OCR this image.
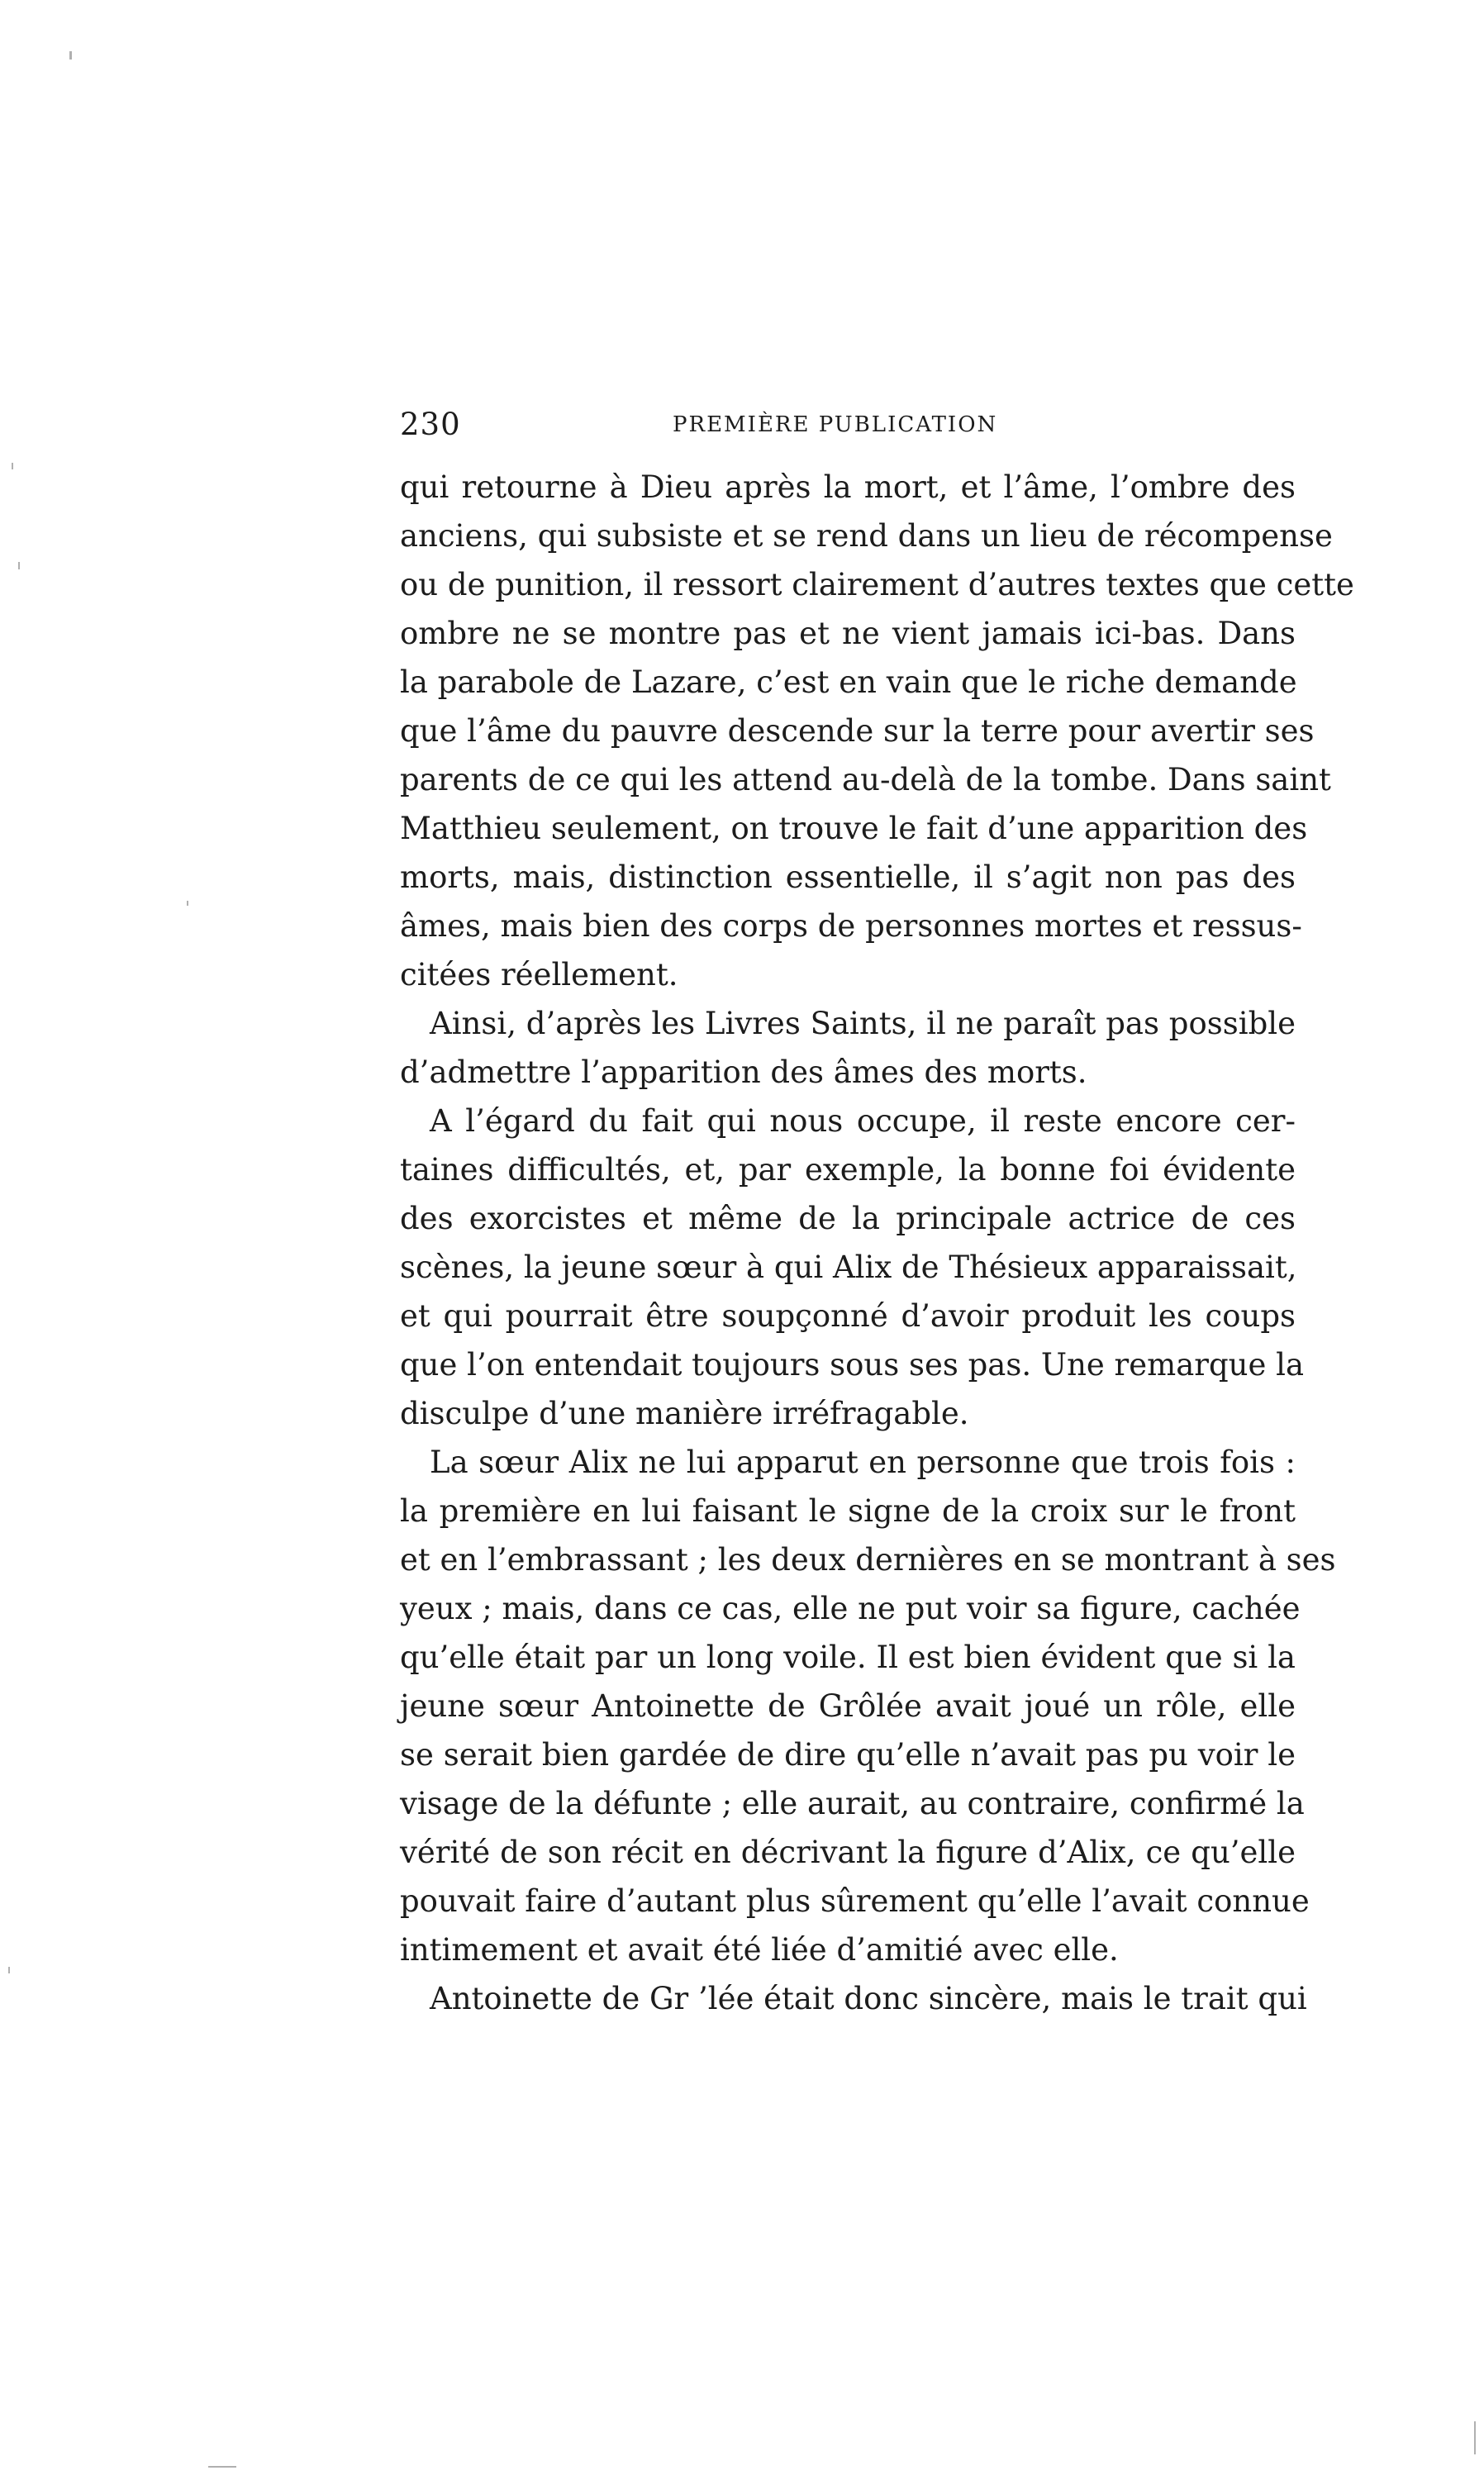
230	PREMIÈRE PUBLICATION
qui retourne à Dieu après la mort, et l’âme, l’ombre des
anciens, qui subsiste et se rend dans un lieu de récompense
ou de punition, il ressort clairement d’autres textes que cette
ombre ne se montre pas et ne vient jamais ici-bas. Dans
la parabole de Lazare, c’est en vain que le riche demande
que l’âme du pauvre descende sur la terre pour avertir ses
parents de ce qui les attend au-delà de la tombe. Dans saint
Matthieu seulement, on trouve le fait d’une apparition des
morts, mais, distinction essentielle, il s’agit non pas des
âmes, mais bien des corps de personnes mortes et ressus-
citées réellement.
Ainsi, d’après les Livres Saints, il ne paraît pas possible
d’admettre l’apparition des âmes des morts.
A l’égard du fait qui nous occupe, il reste encore cer-
taines difficultés, et, par exemple, la bonne foi évidente
des exorcistes et même de la principale actrice de ces
scènes, la jeune sœur à qui Alix de Thésieux apparaissait,
et qui pourrait être soupçonné d’avoir produit les coups
que l’on entendait toujours sous ses pas. Une remarque la
disculpe d’une manière irréfragable.
La sœur Alix ne lui apparut en personne que trois fois :
la première en lui faisant le signe de la croix sur le front
et en l’embrassant ; les deux dernières en se montrant à ses
yeux ; mais, dans ce cas, elle ne put voir sa figure, cachée
qu’elle était par un long voile. Il est bien évident que si la
jeune sœur Antoinette de Grôlée avait joué un rôle, elle
se serait bien gardée de dire qu’elle n’avait pas pu voir le
visage de la défunte ; elle aurait, au contraire, confirmé la
vérité de son récit en décrivant la figure d’Alix, ce qu’elle
pouvait faire d’autant plus sûrement qu’elle l’avait connue
intimement et avait été liée d’amitié avec elle.
Antoinette de Gr ’lée était donc sincère, mais le trait qui
